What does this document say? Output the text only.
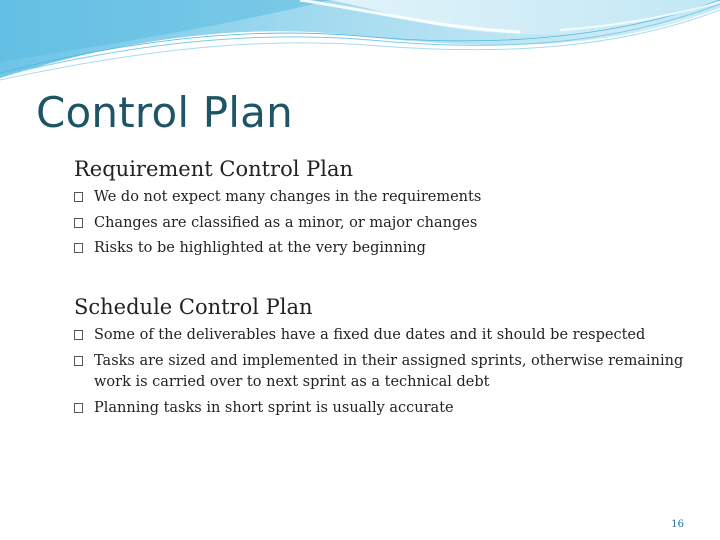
Control Plan
Requirement Control Plan
We do not expect many changes in the requirements
Changes are classified as a minor, or major changes
Risks to be highlighted at the very beginning
Schedule Control Plan
Some of the deliverables have a fixed due dates and it should be respected
Tasks are sized and implemented in their assigned sprints, otherwise remaining work is carried over to next sprint as a technical debt
Planning tasks in short sprint is usually accurate
16
